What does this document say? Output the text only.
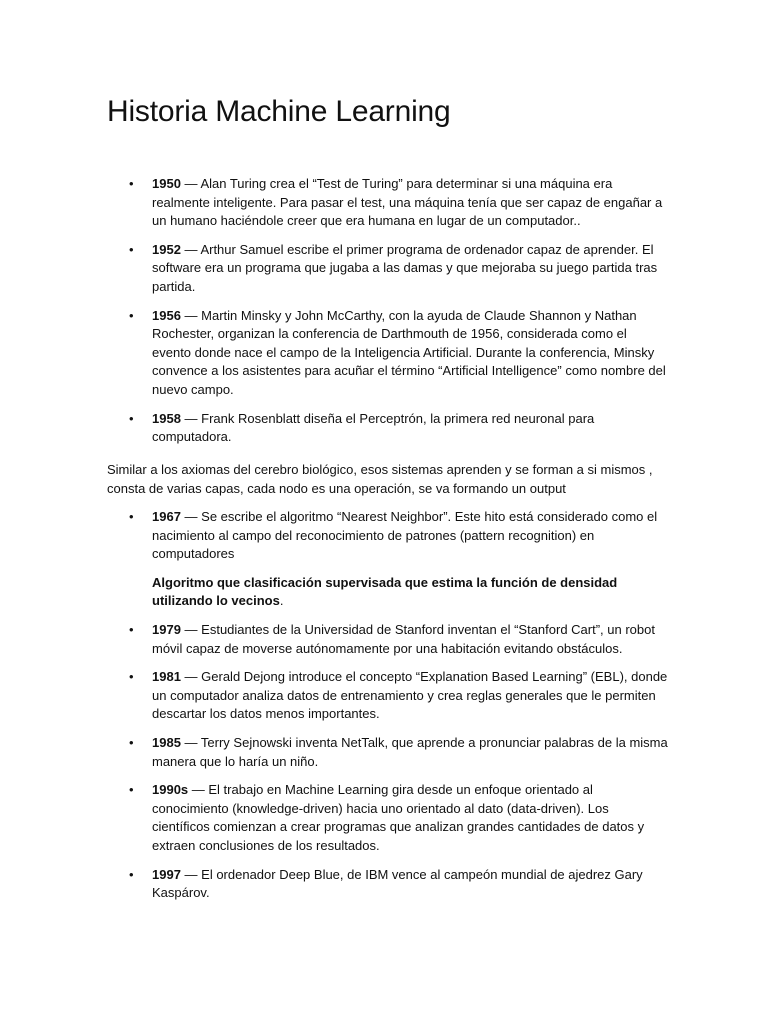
Historia Machine Learning
• 1950 — Alan Turing crea el “Test de Turing” para determinar si una máquina era realmente inteligente. Para pasar el test, una máquina tenía que ser capaz de engañar a un humano haciéndole creer que era humana en lugar de un computador..
• 1952 — Arthur Samuel escribe el primer programa de ordenador capaz de aprender. El software era un programa que jugaba a las damas y que mejoraba su juego partida tras partida.
• 1956 — Martin Minsky y John McCarthy, con la ayuda de Claude Shannon y Nathan Rochester, organizan la conferencia de Darthmouth de 1956, considerada como el evento donde nace el campo de la Inteligencia Artificial. Durante la conferencia, Minsky convence a los asistentes para acuñar el término “Artificial Intelligence” como nombre del nuevo campo.
• 1958 — Frank Rosenblatt diseña el Perceptrón, la primera red neuronal para computadora.

Similar a los axiomas del cerebro biológico, esos sistemas aprenden y se forman a si mismos , consta de varias capas, cada nodo es una operación, se va formando un output

• 1967 — Se escribe el algoritmo “Nearest Neighbor”. Este hito está considerado como el nacimiento al campo del reconocimiento de patrones (pattern recognition) en computadores

Algoritmo que clasificación supervisada que estima la función de densidad utilizando lo vecinos.

• 1979 — Estudiantes de la Universidad de Stanford inventan el “Stanford Cart”, un robot móvil capaz de moverse autónomamente por una habitación evitando obstáculos.
• 1981 — Gerald Dejong introduce el concepto “Explanation Based Learning” (EBL), donde un computador analiza datos de entrenamiento y crea reglas generales que le permiten descartar los datos menos importantes.
• 1985 — Terry Sejnowski inventa NetTalk, que aprende a pronunciar palabras de la misma manera que lo haría un niño.
• 1990s — El trabajo en Machine Learning gira desde un enfoque orientado al conocimiento (knowledge-driven) hacia uno orientado al dato (data-driven). Los científicos comienzan a crear programas que analizan grandes cantidades de datos y extraen conclusiones de los resultados.
• 1997 — El ordenador Deep Blue, de IBM vence al campeón mundial de ajedrez Gary Kaspárov.
